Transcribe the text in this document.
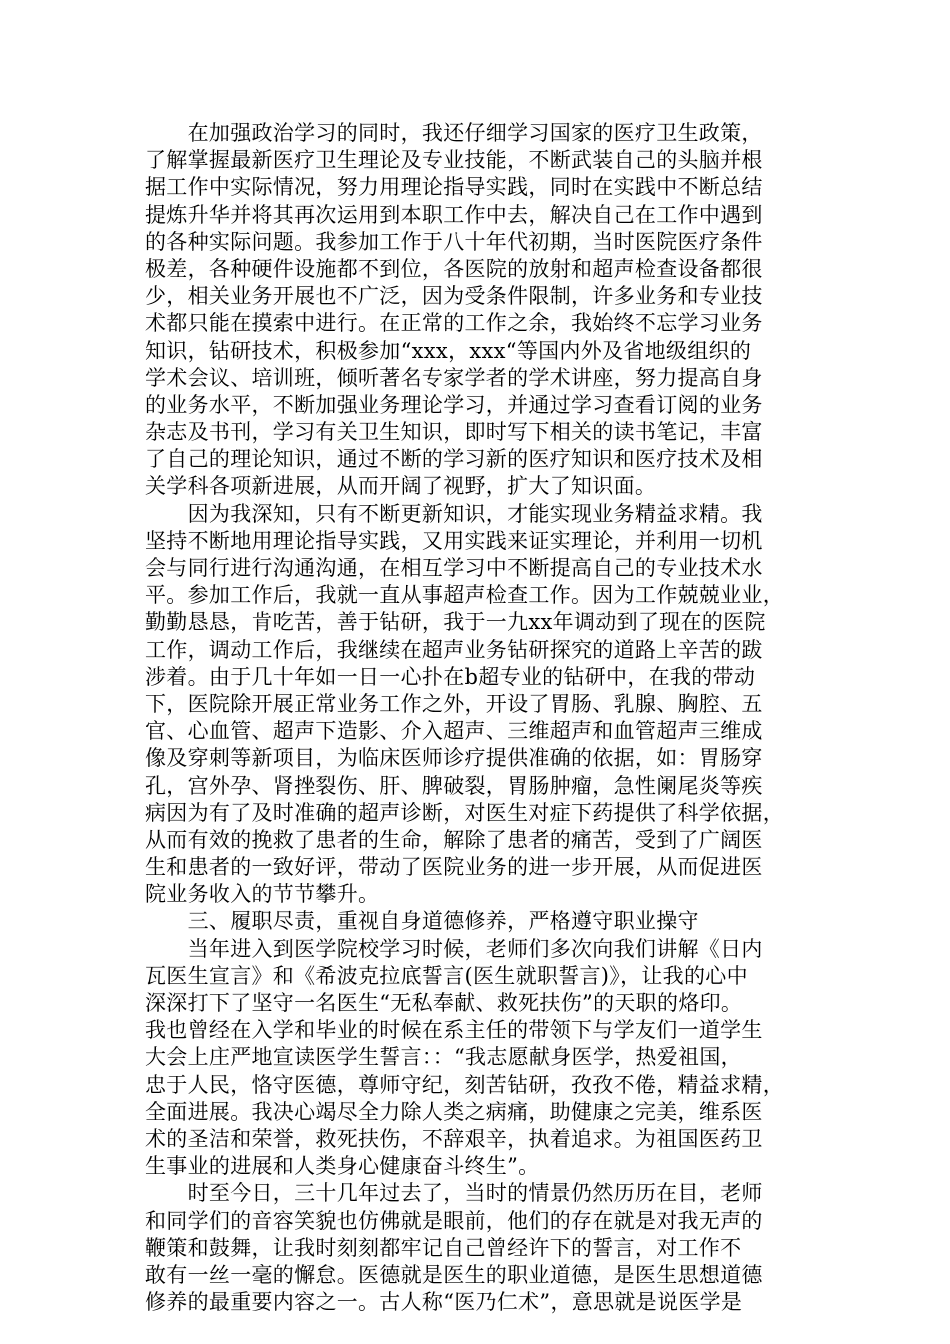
　　在加强政治学习的同时，我还仔细学习国家的医疗卫生政策，
了解掌握最新医疗卫生理论及专业技能，不断武装自己的头脑并根
据工作中实际情况，努力用理论指导实践，同时在实践中不断总结
提炼升华并将其再次运用到本职工作中去，解决自己在工作中遇到
的各种实际问题。我参加工作于八十年代初期，当时医院医疗条件
极差，各种硬件设施都不到位，各医院的放射和超声检查设备都很
少，相关业务开展也不广泛，因为受条件限制，许多业务和专业技
术都只能在摸索中进行。在正常的工作之余，我始终不忘学习业务
知识，钻研技术，积极参加“xxx，xxx“等国内外及省地级组织的
学术会议、培训班，倾听著名专家学者的学术讲座，努力提高自身
的业务水平，不断加强业务理论学习，并通过学习查看订阅的业务
杂志及书刊，学习有关卫生知识，即时写下相关的读书笔记，丰富
了自己的理论知识，通过不断的学习新的医疗知识和医疗技术及相
关学科各项新进展，从而开阔了视野，扩大了知识面。
　　因为我深知，只有不断更新知识，才能实现业务精益求精。我
坚持不断地用理论指导实践，又用实践来证实理论，并利用一切机
会与同行进行沟通沟通，在相互学习中不断提高自己的专业技术水
平。参加工作后，我就一直从事超声检查工作。因为工作兢兢业业，
勤勤恳恳，肯吃苦，善于钻研，我于一九xx年调动到了现在的医院
工作，调动工作后，我继续在超声业务钻研探究的道路上辛苦的跋
涉着。由于几十年如一日一心扑在b超专业的钻研中，在我的带动
下，医院除开展正常业务工作之外，开设了胃肠、乳腺、胸腔、五
官、心血管、超声下造影、介入超声、三维超声和血管超声三维成
像及穿刺等新项目，为临床医师诊疗提供准确的依据，如：胃肠穿
孔，宫外孕、肾挫裂伤、肝、脾破裂，胃肠肿瘤，急性阑尾炎等疾
病因为有了及时准确的超声诊断，对医生对症下药提供了科学依据，
从而有效的挽救了患者的生命，解除了患者的痛苦，受到了广阔医
生和患者的一致好评，带动了医院业务的进一步开展，从而促进医
院业务收入的节节攀升。
　　三、履职尽责，重视自身道德修养，严格遵守职业操守
　　当年进入到医学院校学习时候，老师们多次向我们讲解《日内
瓦医生宣言》和《希波克拉底誓言(医生就职誓言)》，让我的心中
深深打下了坚守一名医生“无私奉献、救死扶伤”的天职的烙印。
我也曾经在入学和毕业的时候在系主任的带领下与学友们一道学生
大会上庄严地宣读医学生誓言：：“我志愿献身医学，热爱祖国，
忠于人民，恪守医德，尊师守纪，刻苦钻研，孜孜不倦，精益求精，
全面进展。我决心竭尽全力除人类之病痛，助健康之完美，维系医
术的圣洁和荣誉，救死扶伤，不辞艰辛，执着追求。为祖国医药卫
生事业的进展和人类身心健康奋斗终生”。
　　时至今日，三十几年过去了，当时的情景仍然历历在目，老师
和同学们的音容笑貌也仿佛就是眼前，他们的存在就是对我无声的
鞭策和鼓舞，让我时刻刻都牢记自己曾经许下的誓言，对工作不
敢有一丝一毫的懈怠。医德就是医生的职业道德，是医生思想道德
修养的最重要内容之一。古人称“医乃仁术”，意思就是说医学是
